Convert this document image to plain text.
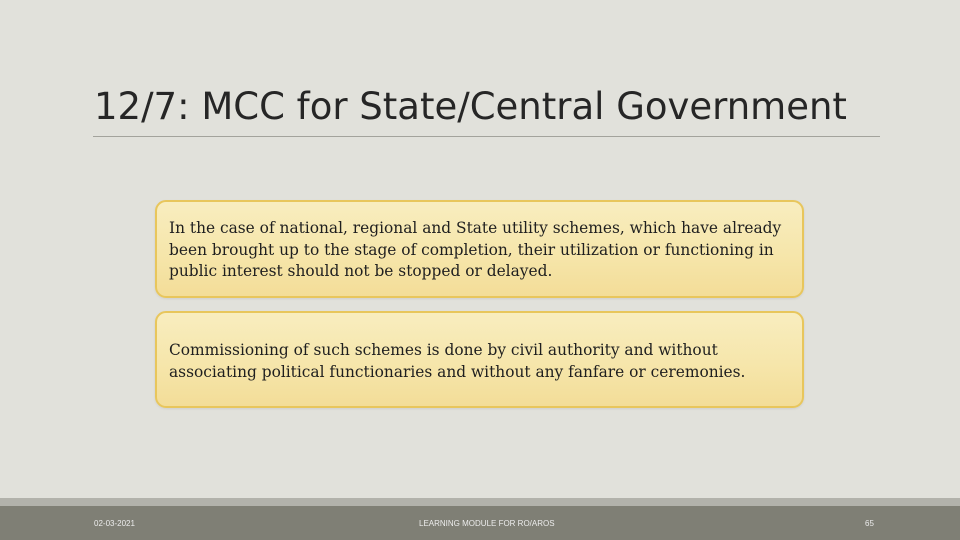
12/7: MCC for State/Central Government

In the case of national, regional and State utility schemes, which have already been brought up to the stage of completion, their utilization or functioning in public interest should not be stopped or delayed.

Commissioning of such schemes is done by civil authority and without associating political functionaries and without any fanfare or ceremonies.

02-03-2021	LEARNING MODULE FOR RO/AROS	65
